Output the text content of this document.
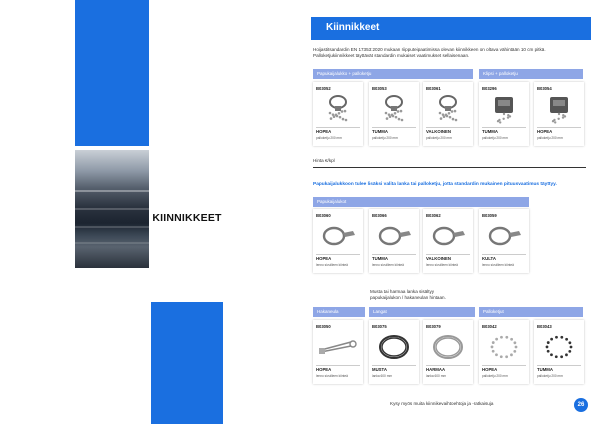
KIINNIKKEET
Kiinnikkeet
Hoijastitsandardin EN 17353:2020 mukaan riipputeipaatimissa olevan kiinnikkeen on oltava vähintään 10 cm pitkä. Palloketjukiinnikkeet täyttävät standardin mukaiset vaatimukset sellaisenaan.
Papukaijalukko + palloketju	Klipsi + palloketju
B03052
HOPEA
palloketju 200 mm
B03053
TUMMA
palloketju 200 mm
B03061
VALKOINEN
palloketju 200 mm
B03296
TUMMA
palloketju 200 mm
B03054
HOPEA
palloketju 200 mm
Hinta €/kpl
Papukaijalukkoon tulee lisäksi valita lanka tai palloketju, jotta standardin mukainen pituusvaatimus täyttyy.
Papukaijalukot
B03060
HOPEA
lenno sivuilleen kiinteä
B03066
TUMMA
lenno sivuilleen kiinteä
B03062
VALKOINEN
lenno sivuilleen kiinteä
B03059
KULTA
lenno sivuilleen kiinteä
Musta tai harmaa lanka sisältyy
papukaijalukon / hakaneulan hintaan.
Hakaneula	Langat	Palloketjut
B03050
HOPEA
lenno sivuilleen kiinteä
B03075
MUSTA
lanka 600 mm
B03079
HARMAA
lanka 600 mm
B03042
HOPEA
palloketju 200 mm
B03043
TUMMA
palloketju 200 mm
Kysy myös muita kiinnikevaihtoehtoja ja -ratkaisuja	26
